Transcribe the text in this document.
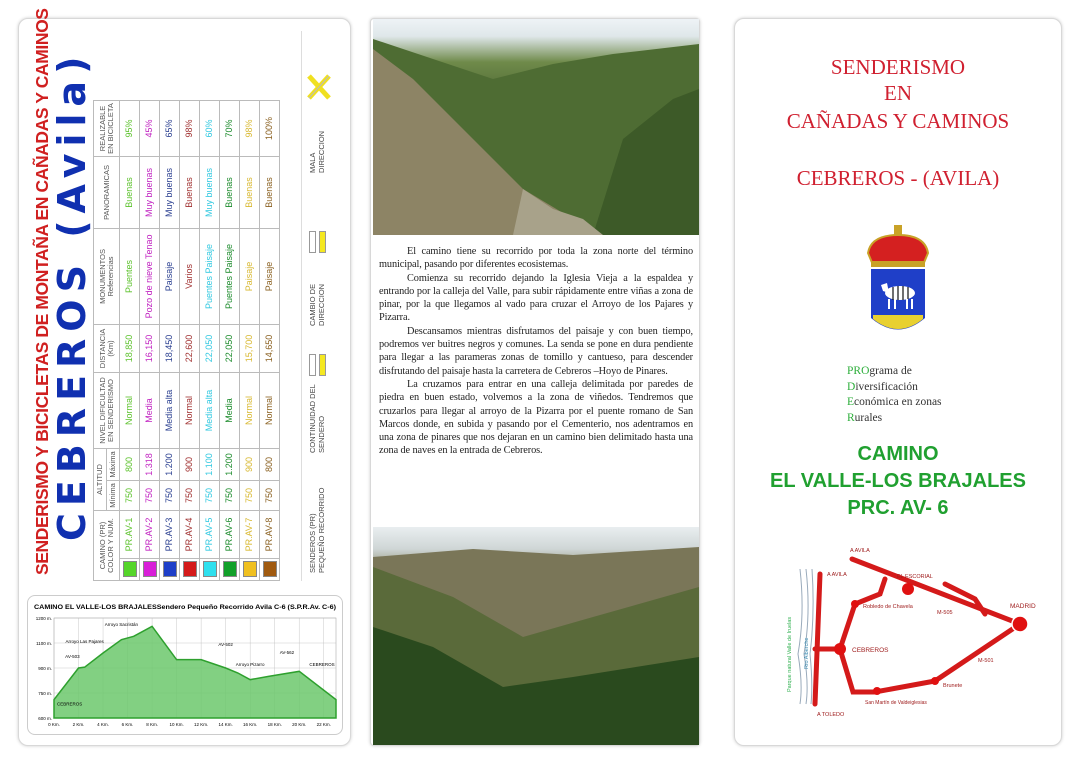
SENDERISMO Y BICICLETAS DE MONTAÑA EN CAÑADAS Y CAMINOS
CEBREROS (Avila)
CAMINO (PR) COLOR Y NUM.		ALTITUD		NIVEL DIFICULTAD EN SENDERISMO	DISTANCIA (Km)	MONUMENTOS Referencias	PANORAMICAS	REALIZABLE EN BICICLETA
		Mínima	Máxima					
	PR.AV-1	750	800	Normal	18,850	Puentes	Buenas	95%
	PR.AV-2	750	1.318	Media	16,150	Pozo de nieve Tenao	Muy buenas	45%
	PR.AV-3	750	1.200	Media alta	18,450	Paisaje	Muy buenas	65%
	PR.AV-4	750	900	Normal	22,600	Varios	Buenas	98%
	PR.AV-5	750	1.100	Media alta	22,050	Puentes Paisaje	Muy buenas	60%
	PR.AV-6	750	1.200	Media	22,050	Puentes Paisaje	Buenas	70%
	PR.AV-7	750	900	Normal	15,700	Paisaje	Buenas	98%
	PR.AV-8	750	800	Normal	14,650	Paisaje	Buenas	100%
SENDEROS (PR) PEQUEÑO RECORRIDO
CONTINUIDAD DEL SENDERO
CAMBIO DE DIRECCION
MALA DIRECCION
0 Km.	2 Km.	4 Km.	6 Km.	8 Km.	10 Km. 12 Km. 14 Km. 16 Km. 18 Km. 20 Km. 22 Km.
600 m.
750 m.
900 m.
1100 m.
1200 m.
CAMINO EL VALLE-LOS BRAJALESSendero Pequeño Recorrido Avila C-6 (S.P.R.Av. C-6)
CEBREROS
AV-503
Arroyo Las Pajares
Arroyo Sacristán
AV-502
Arroyo Pizarro
AV-562
CEBREROS

El camino tiene su recorrido por toda la zona norte del término municipal, pasando por diferentes ecosistemas.

Comienza su recorrido dejando la Iglesia Vieja a la espaldea y entrando por la calleja del Valle, para subir rápidamente entre viñas a zona de pinar, por la que llegamos al vado para cruzar el Arroyo de los Pajares y Pizarra.

Descansamos mientras disfrutamos del paisaje y con buen tiempo, podremos ver buitres negros y comunes. La senda se pone en dura pendiente para llegar a las parameras zonas de tomillo y cantueso, para descender disfrutando del paisaje hasta la carretera de Cebreros –Hoyo de Pinares.

La cruzamos para entrar en una calleja delimitada por paredes de piedra en buen estado, volvemos a la zona de viñedos. Tendremos que cruzarlos para llegar al arroyo de la Pizarra por el puente romano de San Marcos donde, en subida y pasando por el Cementerio, nos adentramos en una zona de pinares que nos dejaran en un camino bien delimitado hasta una zona de naves en la entrada de Cebreros.

SENDERISMO
EN
CAÑADAS Y CAMINOS
CEBREROS - (AVILA)
PROgrama de
Diversificación
Económica en zonas
Rurales
CAMINO
EL VALLE-LOS BRAJALES
PRC. AV- 6
A AVILA
A AVILA	EL ESCORIAL
Robledo de Chavela
M-505
MADRID
CEBREROS
M-501
Brunete
San Martín de Valdeiglesias
A TOLEDO
Río Alberche
Parque natural Valle de Iruelas
